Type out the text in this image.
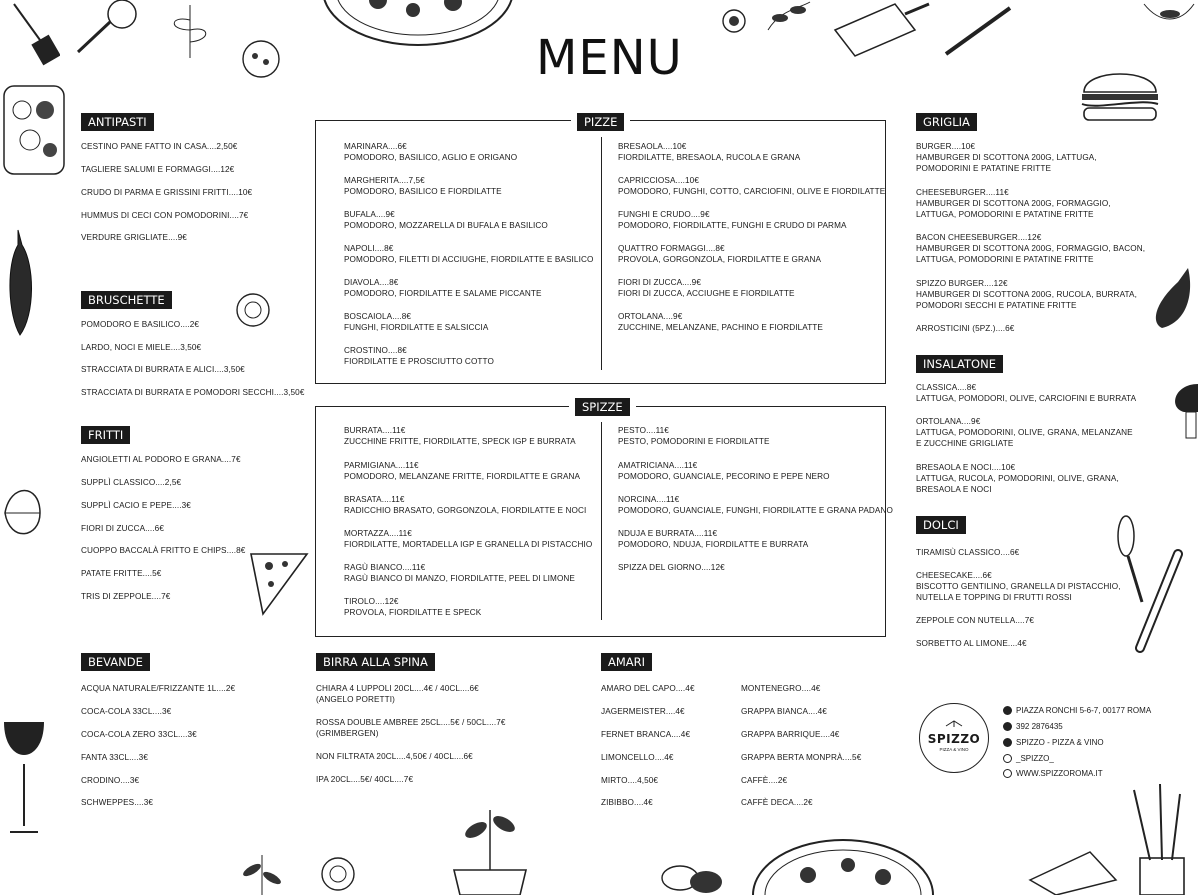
MENU
ANTIPASTI
CESTINO PANE FATTO IN CASA....2,50€
TAGLIERE SALUMI E FORMAGGI....12€
CRUDO DI PARMA E GRISSINI FRITTI....10€
HUMMUS DI CECI CON POMODORINI....7€
VERDURE GRIGLIATE....9€
BRUSCHETTE
POMODORO E BASILICO....2€
LARDO, NOCI E MIELE....3,50€
STRACCIATA DI BURRATA E ALICI....3,50€
STRACCIATA DI BURRATA E POMODORI SECCHI....3,50€
FRITTI
ANGIOLETTI AL PODORO E GRANA....7€
SUPPLÌ CLASSICO....2,5€
SUPPLÌ CACIO E PEPE....3€
FIORI DI ZUCCA....6€
CUOPPO BACCALÀ FRITTO E CHIPS....8€
PATATE FRITTE....5€
TRIS DI ZEPPOLE....7€
PIZZE
MARINARA....6€
POMODORO, BASILICO, AGLIO E ORIGANO
MARGHERITA....7,5€
POMODORO, BASILICO E FIORDILATTE
BUFALA....9€
POMODORO, MOZZARELLA DI BUFALA E BASILICO
NAPOLI....8€
POMODORO, FILETTI DI ACCIUGHE, FIORDILATTE E BASILICO
DIAVOLA....8€
POMODORO, FIORDILATTE E SALAME PICCANTE
BOSCAIOLA....8€
FUNGHI, FIORDILATTE E SALSICCIA
CROSTINO....8€
FIORDILATTE E PROSCIUTTO COTTO
BRESAOLA....10€
FIORDILATTE, BRESAOLA, RUCOLA E GRANA
CAPRICCIOSA....10€
POMODORO, FUNGHI, COTTO, CARCIOFINI, OLIVE E FIORDILATTE
FUNGHI E CRUDO....9€
POMODORO, FIORDILATTE, FUNGHI E CRUDO DI PARMA
QUATTRO FORMAGGI....8€
PROVOLA, GORGONZOLA, FIORDILATTE E GRANA
FIORI DI ZUCCA....9€
FIORI DI ZUCCA, ACCIUGHE E FIORDILATTE
ORTOLANA....9€
ZUCCHINE, MELANZANE, PACHINO E FIORDILATTE
SPIZZE
BURRATA....11€
ZUCCHINE FRITTE, FIORDILATTE, SPECK IGP E BURRATA
PARMIGIANA....11€
POMODORO, MELANZANE FRITTE, FIORDILATTE E GRANA
BRASATA....11€
RADICCHIO BRASATO, GORGONZOLA, FIORDILATTE E NOCI
MORTAZZA....11€
FIORDILATTE, MORTADELLA IGP E GRANELLA DI PISTACCHIO
RAGÙ BIANCO....11€
RAGÙ BIANCO DI MANZO, FIORDILATTE, PEEL DI LIMONE
TIROLO....12€
PROVOLA, FIORDILATTE E SPECK
PESTO....11€
PESTO, POMODORINI E FIORDILATTE
AMATRICIANA....11€
POMODORO, GUANCIALE, PECORINO E PEPE NERO
NORCINA....11€
POMODORO, GUANCIALE, FUNGHI, FIORDILATTE E GRANA PADANO
NDUJA E BURRATA....11€
POMODORO, NDUJA, FIORDILATTE E BURRATA
SPIZZA DEL GIORNO....12€
GRIGLIA
BURGER....10€
HAMBURGER DI SCOTTONA 200G, LATTUGA,
POMODORINI E PATATINE FRITTE
CHEESEBURGER....11€
HAMBURGER DI SCOTTONA 200G, FORMAGGIO,
LATTUGA, POMODORINI E PATATINE FRITTE
BACON CHEESEBURGER....12€
HAMBURGER DI SCOTTONA 200G, FORMAGGIO, BACON,
LATTUGA, POMODORINI E PATATINE FRITTE
SPIZZO BURGER....12€
HAMBURGER DI SCOTTONA 200G, RUCOLA, BURRATA,
POMODORI SECCHI E PATATINE FRITTE
ARROSTICINI (5PZ.)....6€
INSALATONE
CLASSICA....8€
LATTUGA, POMODORI, OLIVE, CARCIOFINI E BURRATA
ORTOLANA....9€
LATTUGA, POMODORINI, OLIVE, GRANA, MELANZANE
E ZUCCHINE GRIGLIATE
BRESAOLA E NOCI....10€
LATTUGA, RUCOLA, POMODORINI, OLIVE, GRANA,
BRESAOLA E NOCI
DOLCI
TIRAMISÙ CLASSICO....6€
CHEESECAKE....6€
BISCOTTO GENTILINO, GRANELLA DI PISTACCHIO,
NUTELLA E TOPPING DI FRUTTI ROSSI
ZEPPOLE CON NUTELLA....7€
SORBETTO AL LIMONE....4€
BEVANDE
ACQUA NATURALE/FRIZZANTE 1L....2€
COCA-COLA 33CL....3€
COCA-COLA ZERO 33CL....3€
FANTA 33CL....3€
CRODINO....3€
SCHWEPPES....3€
BIRRA ALLA SPINA
CHIARA 4 LUPPOLI 20CL....4€ / 40CL....6€
(ANGELO PORETTI)
ROSSA DOUBLE AMBREE 25CL....5€ / 50CL....7€
(GRIMBERGEN)
NON FILTRATA 20CL....4,50€ / 40CL....6€
IPA 20CL....5€/ 40CL....7€
AMARI
AMARO DEL CAPO....4€
JAGERMEISTER....4€
FERNET BRANCA....4€
LIMONCELLO....4€
MIRTO....4,50€
ZIBIBBO....4€
MONTENEGRO....4€
GRAPPA BIANCA....4€
GRAPPA BARRIQUE....4€
GRAPPA BERTA MONPRÀ....5€
CAFFÈ....2€
CAFFÈ DECA....2€
SPIZZO
PIZZA & VINO
PIAZZA RONCHI 5-6-7, 00177 ROMA
392 2876435
SPIZZO - PIZZA & VINO
_SPIZZO_
WWW.SPIZZOROMA.IT
